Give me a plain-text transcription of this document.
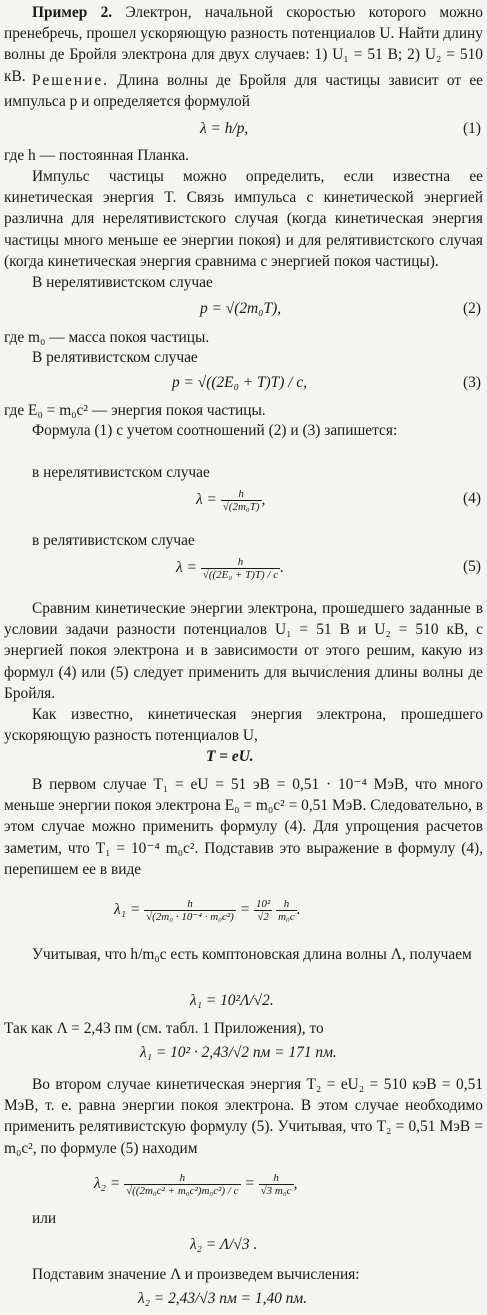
Пример 2. Электрон, начальной скоростью которого можно пренебречь, прошел ускоряющую разность потенциалов U. Найти длину волны де Бройля электрона для двух случаев: 1) U₁ = 51 В; 2) U₂ = 510 кВ. Решение. Длина волны де Бройля для частицы зависит от ее импульса p и определяется формулой

λ = h/p,	(1)

где h — постоянная Планка.

Импульс частицы можно определить, если известна ее кинетическая энергия T. Связь импульса с кинетической энергией различна для нерелятивистского случая (когда кинетическая энергия частицы много меньше ее энергии покоя) и для релятивистского случая (когда кинетическая энергия сравнима с энергией покоя частицы).

В нерелятивистском случае

p = √(2m₀T),	(2)

где m₀ — масса покоя частицы.

В релятивистском случае

p = √((2E₀ + T)T) / c,	(3)

где E₀ = m₀c² — энергия покоя частицы.

Формула (1) с учетом соотношений (2) и (3) запишется:

в нерелятивистском случае

$\lambda = \frac{h}{\text{√(2m₀T)}}$ ,	(4)

в релятивистском случае

$\lambda = \frac{h}{\text{√((2E₀ + T)T) / c}}$ .	(5)

Сравним кинетические энергии электрона, прошедшего заданные в условии задачи разности потенциалов U₁ = 51 В и U₂ = 510 кВ, с энергией покоя электрона и в зависимости от этого решим, какую из формул (4) или (5) следует применить для вычисления длины волны де Бройля.

Как известно, кинетическая энергия электрона, прошедшего ускоряющую разность потенциалов U,

T = eU.

В первом случае T₁ = eU = 51 эВ = 0,51 · 10⁻⁴ МэВ, что много меньше энергии покоя электрона E₀ = m₀c² = 0,51 МэВ. Следовательно, в этом случае можно применить формулу (4). Для упрощения расчетов заметим, что T₁ = 10⁻⁴ m₀c². Подставив это выражение в формулу (4), перепишем ее в виде

$\lambda_1 = \frac{h}{\text{√(2m₀ · 10⁻⁴ · m₀c²)}} = \frac{\text{10²}}{√2}$
$\frac{h}{\text{m₀c}}$ .

Учитывая, что h/m₀c есть комптоновская длина волны Λ, получаем

λ₁ = 10²Λ/√2.

Так как Λ = 2,43 пм (см. табл. 1 Приложения), то

λ₁ = 10² · 2,43/√2 пм = 171 пм.

Во втором случае кинетическая энергия T₂ = eU₂ = 510 кэВ = 0,51 МэВ, т. е. равна энергии покоя электрона. В этом случае необходимо применить релятивистскую формулу (5). Учитывая, что T₂ = 0,51 МэВ = m₀c², по формуле (5) находим

$\lambda_2 = \frac{h}{\text{√((2m₀c² + m₀c²)m₀c²) / c}} = \frac{h}{\text{√3 m₀c}}$ ,

или

λ₂ = Λ/√3 .

Подставим значение Λ и произведем вычисления:

λ₂ = 2,43/√3 пм = 1,40 пм.
